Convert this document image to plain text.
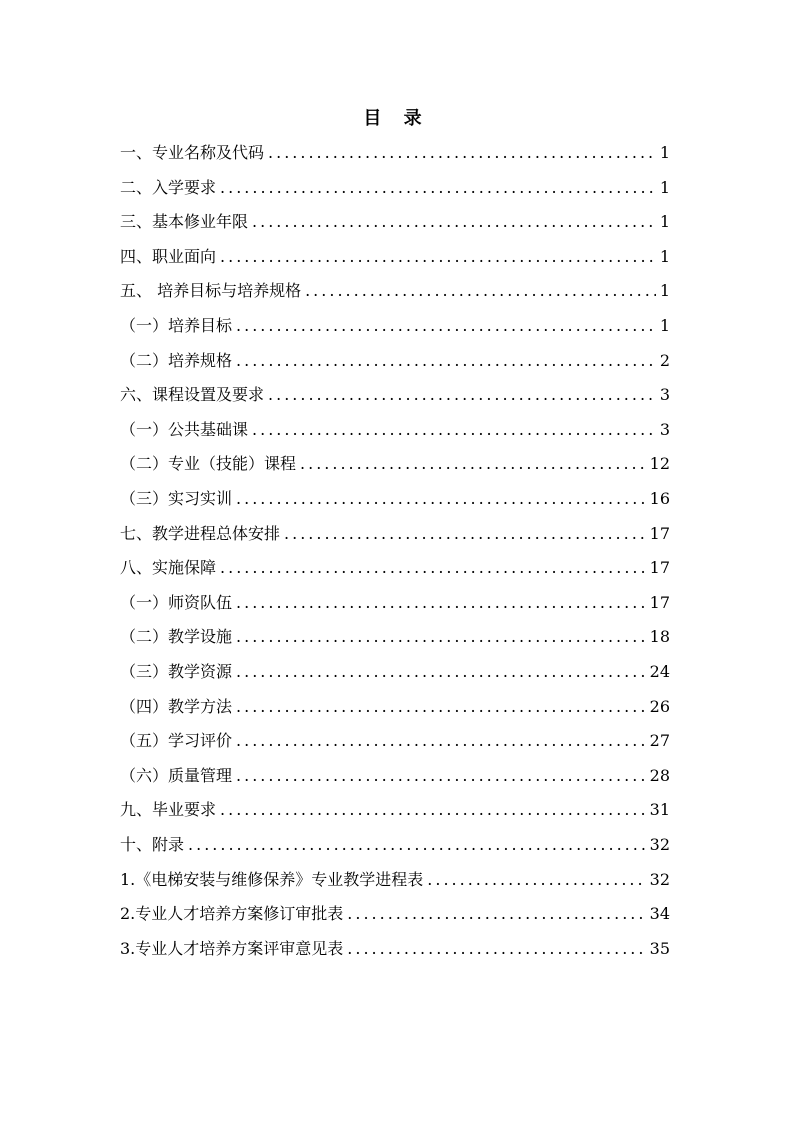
目 录
一、专业名称及代码 .....	1
二、入学要求 .....	1
三、基本修业年限 .....	1
四、职业面向 .....	1
五、 培养目标与培养规格 .....	1
（一）培养目标 .....	1
（二）培养规格 .....	2
六、课程设置及要求 .....	3
（一）公共基础课 .....	3
（二）专业（技能）课程 .....	12
（三）实习实训 .....	16
七、教学进程总体安排 .....	17
八、实施保障 .....	17
（一）师资队伍 .....	17
（二）教学设施 .....	18
（三）教学资源 .....	24
（四）教学方法 .....	26
（五）学习评价 .....	27
（六）质量管理 .....	28
九、毕业要求 .....	31
十、附录 .....	32
1.《电梯安装与维修保养》专业教学进程表 .....	32
2.专业人才培养方案修订审批表 .....	34
3.专业人才培养方案评审意见表 .....	35
